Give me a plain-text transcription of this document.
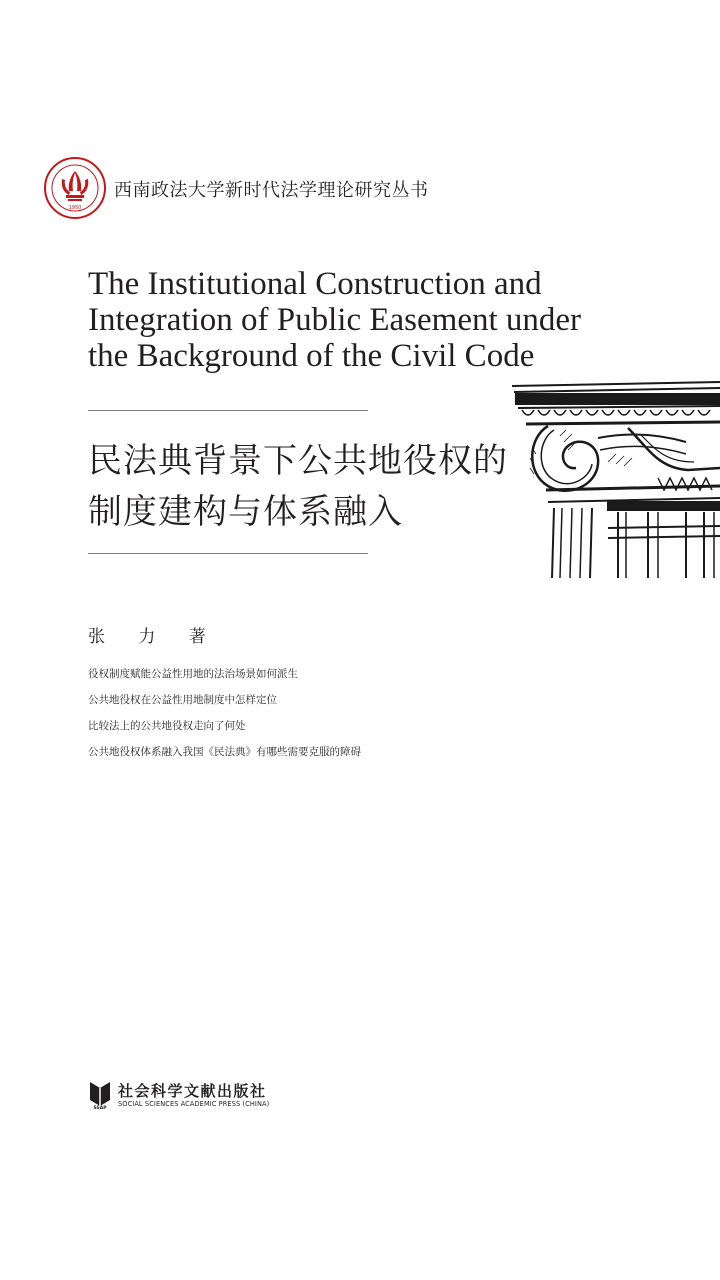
1950
西南政法大学新时代法学理论研究丛书
The Institutional Construction and
Integration of Public Easement under
the Background of the Civil Code
民法典背景下公共地役权的
制度建构与体系融入
张 力 著
役权制度赋能公益性用地的法治场景如何派生
公共地役权在公益性用地制度中怎样定位
比较法上的公共地役权走向了何处
公共地役权体系融入我国《民法典》有哪些需要克服的障碍
SSAP
社会科学文献出版社
SOCIAL SCIENCES ACADEMIC PRESS (CHINA)
